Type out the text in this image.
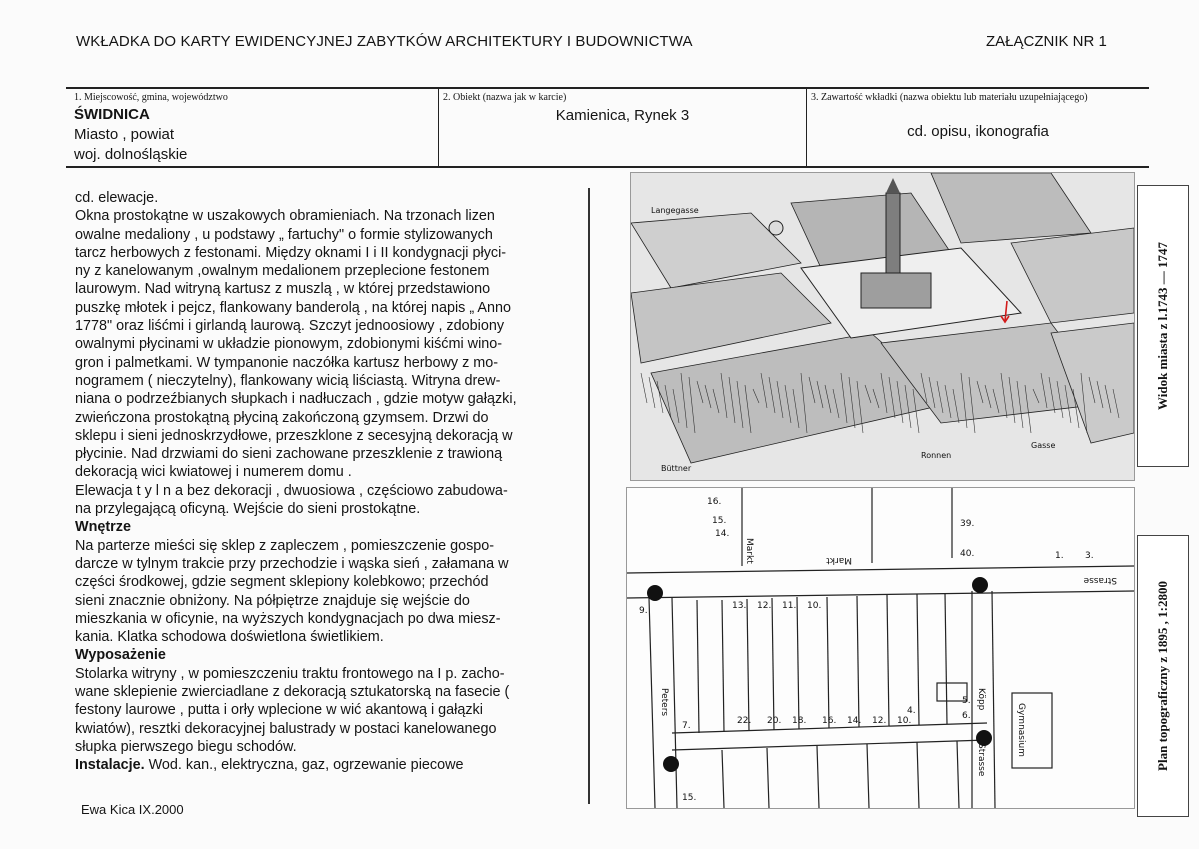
WKŁADKA DO KARTY EWIDENCYJNEJ ZABYTKÓW ARCHITEKTURY I BUDOWNICTWA	ZAŁĄCZNIK NR 1
1. Miejscowość, gmina, województwo
ŚWIDNICA
Miasto , powiat
woj. dolnośląskie
2. Obiekt (nazwa jak w karcie)
Kamienica, Rynek 3
3. Zawartość wkładki (nazwa obiektu lub materiału uzupełniającego)
cd. opisu, ikonografia

cd. elewacje.

Okna prostokątne w uszakowych obramieniach. Na trzonach lizen

owalne medaliony , u podstawy „ fartuchy" o formie stylizowanych

tarcz herbowych z festonami. Między oknami I i II kondygnacji płyci-

ny z kanelowanym ,owalnym medalionem przeplecione festonem

laurowym. Nad witryną kartusz z muszlą , w której przedstawiono

puszkę młotek i pejcz, flankowany banderolą , na której napis „ Anno

1778" oraz liśćmi i girlandą laurową. Szczyt jednoosiowy , zdobiony

owalnymi płycinami w układzie pionowym, zdobionymi kiśćmi wino-

gron i palmetkami. W tympanonie naczółka kartusz herbowy z mo-

nogramem ( nieczytelny), flankowany wicią liściastą. Witryna drew-

niana o podrzeźbianych słupkach i nadłuczach , gdzie motyw gałązki,

zwieńczona prostokątną płyciną zakończoną gzymsem. Drzwi do

sklepu i sieni jednoskrzydłowe, przeszklone z secesyjną dekoracją w

płycinie. Nad drzwiami do sieni zachowane przeszklenie z trawioną

dekoracją wici kwiatowej i numerem domu .

Elewacja t y l n a bez dekoracji , dwuosiowa , częściowo zabudowa-

na przylegającą oficyną. Wejście do sieni prostokątne.

Wnętrze

Na parterze mieści się sklep z zapleczem , pomieszczenie gospo-

darcze w tylnym trakcie przy przechodzie i wąska sień , załamana w

części środkowej, gdzie segment sklepiony kolebkowo; przechód

sieni znacznie obniżony. Na półpiętrze znajduje się wejście do

mieszkania w oficynie, na wyższych kondygnacjach po dwa miesz-

kania. Klatka schodowa doświetlona świetlikiem.

Wyposażenie

Stolarka witryny , w pomieszczeniu traktu frontowego na I p. zacho-

wane sklepienie zwierciadlane z dekoracją sztukatorską na fasecie (

festony laurowe , putta i orły wplecione w wić akantową i gałązki

kwiatów), resztki dekoracyjnej balustrady w postaci kanelowanego

słupka pierwszego biegu schodów.

Instalacje. Wod. kan., elektryczna, gaz, ogrzewanie piecowe

Ewa Kica IX.2000
Langegasse
Büttner
Gasse
Ronnen
Widok miasta z l.1743 — 1747
Markt	Markt
Strasse
Peters	Köpp
Strasse
Gymnasium
16.
15.
14.
1. 3.
39.
40.
9.
7.
13. 12. 11. 10.
6.
5.
4.
22. 20. 18. 16. 14. 12. 10.
15.
Plan topograficzny z 1895 , 1:2800
